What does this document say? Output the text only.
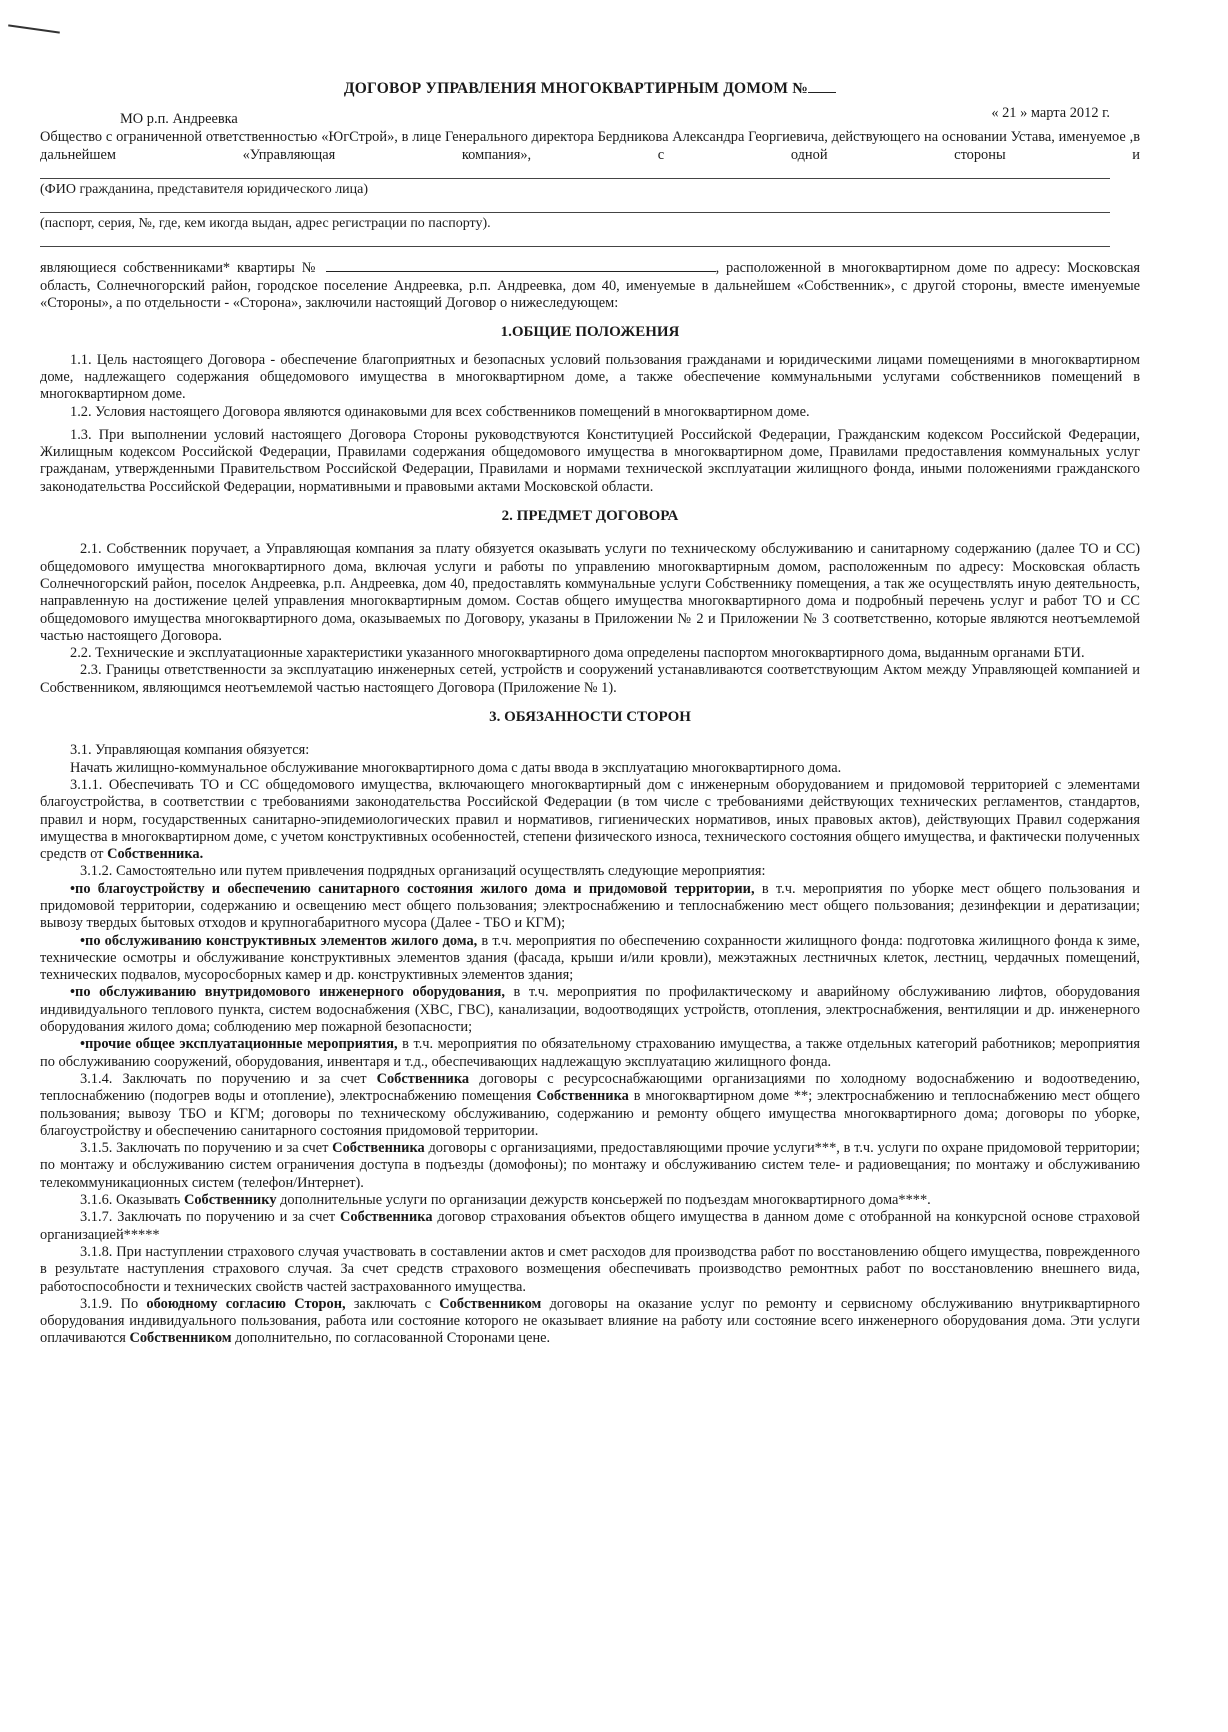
ДОГОВОР УПРАВЛЕНИЯ МНОГОКВАРТИРНЫМ ДОМОМ №
МО р.п. Андреевка	« 21 » марта 2012 г.

Общество с ограниченной ответственностью «ЮгСтрой», в лице Генерального директора Бердникова Александра Георгиевича, действующего на основании Устава, именуемое ,в дальнейшем «Управляющая компания», с одной стороны и

(ФИО гражданина, представителя юридического лица)
(паспорт, серия, №, где, кем икогда выдан, адрес регистрации по паспорту).

являющиеся собственниками* квартиры №	, расположенной в многоквартирном доме по адресу: Московская область, Солнечногорский район, городское поселение Андреевка, р.п. Андреевка, дом 40, именуемые в дальнейшем «Собственник», с другой стороны, вместе именуемые «Стороны», а по отдельности - «Сторона», заключили настоящий Договор о нижеследующем:

1.ОБЩИЕ ПОЛОЖЕНИЯ

1.1. Цель настоящего Договора - обеспечение благоприятных и безопасных условий пользования гражданами и юридическими лицами помещениями в многоквартирном доме, надлежащего содержания общедомового имущества в многоквартирном доме, а также обеспечение коммунальными услугами собственников помещений в многоквартирном доме.

1.2. Условия настоящего Договора являются одинаковыми для всех собственников помещений в многоквартирном доме.

1.3. При выполнении условий настоящего Договора Стороны руководствуются Конституцией Российской Федерации, Гражданским кодексом Российской Федерации, Жилищным кодексом Российской Федерации, Правилами содержания общедомового имущества в многоквартирном доме, Правилами предоставления коммунальных услуг гражданам, утвержденными Правительством Российской Федерации, Правилами и нормами технической эксплуатации жилищного фонда, иными положениями гражданского законодательства Российской Федерации, нормативными и правовыми актами Московской области.

2. ПРЕДМЕТ ДОГОВОРА

2.1. Собственник поручает, а Управляющая компания за плату обязуется оказывать услуги по техническому обслуживанию и санитарному содержанию (далее ТО и СС) общедомового имущества многоквартирного дома, включая услуги и работы по управлению многоквартирным домом, расположенным по адресу: Московская область Солнечногорский район, поселок Андреевка, р.п. Андреевка, дом 40, предоставлять коммунальные услуги Собственнику помещения, а так же осуществлять иную деятельность, направленную на достижение целей управления многоквартирным домом. Состав общего имущества многоквартирного дома и подробный перечень услуг и работ ТО и СС общедомового имущества многоквартирного дома, оказываемых по Договору, указаны в Приложении № 2 и Приложении № 3 соответственно, которые являются неотъемлемой частью настоящего Договора.

2.2. Технические и эксплуатационные характеристики указанного многоквартирного дома определены паспортом многоквартирного дома, выданным органами БТИ.

2.3. Границы ответственности за эксплуатацию инженерных сетей, устройств и сооружений устанавливаются соответствующим Актом между Управляющей компанией и Собственником, являющимся неотъемлемой частью настоящего Договора (Приложение № 1).

3. ОБЯЗАННОСТИ СТОРОН

3.1. Управляющая компания обязуется:

Начать жилищно-коммунальное обслуживание многоквартирного дома с даты ввода в эксплуатацию многоквартирного дома.

3.1.1. Обеспечивать ТО и СС общедомового имущества, включающего многоквартирный дом с инженерным оборудованием и придомовой территорией с элементами благоустройства, в соответствии с требованиями законодательства Российской Федерации (в том числе с требованиями действующих технических регламентов, стандартов, правил и норм, государственных санитарно-эпидемиологических правил и нормативов, гигиенических нормативов, иных правовых актов), действующих Правил содержания имущества в многоквартирном доме, с учетом конструктивных особенностей, степени физического износа, технического состояния общего имущества, и фактически полученных средств от Собственника.

3.1.2. Самостоятельно или путем привлечения подрядных организаций осуществлять следующие мероприятия:

•по благоустройству и обеспечению санитарного состояния жилого дома и придомовой территории, в т.ч. мероприятия по уборке мест общего пользования и придомовой территории, содержанию и освещению мест общего пользования; электроснабжению и теплоснабжению мест общего пользования; дезинфекции и дератизации; вывозу твердых бытовых отходов и крупногабаритного мусора (Далее - ТБО и КГМ);

•по обслуживанию конструктивных элементов жилого дома, в т.ч. мероприятия по обеспечению сохранности жилищного фонда: подготовка жилищного фонда к зиме, технические осмотры и обслуживание конструктивных элементов здания (фасада, крыши и/или кровли), межэтажных лестничных клеток, лестниц, чердачных помещений, технических подвалов, мусоросборных камер и др. конструктивных элементов здания;

•по обслуживанию внутридомового инженерного оборудования, в т.ч. мероприятия по профилактическому и аварийному обслуживанию лифтов, оборудования индивидуального теплового пункта, систем водоснабжения (ХВС, ГВС), канализации, водоотводящих устройств, отопления, электроснабжения, вентиляции и др. инженерного оборудования жилого дома; соблюдению мер пожарной безопасности;

•прочие общее эксплуатационные мероприятия, в т.ч. мероприятия по обязательному страхованию имущества, а также отдельных категорий работников; мероприятия по обслуживанию сооружений, оборудования, инвентаря и т.д., обеспечивающих надлежащую эксплуатацию жилищного фонда.

3.1.4. Заключать по поручению и за счет Собственника договоры с ресурсоснабжающими организациями по холодному водоснабжению и водоотведению, теплоснабжению (подогрев воды и отопление), электроснабжению помещения Собственника в многоквартирном доме **; электроснабжению и теплоснабжению мест общего пользования; вывозу ТБО и КГМ; договоры по техническому обслуживанию, содержанию и ремонту общего имущества многоквартирного дома; договоры по уборке, благоустройству и обеспечению санитарного состояния придомовой территории.

3.1.5. Заключать по поручению и за счет Собственника договоры с организациями, предоставляющими прочие услуги***, в т.ч. услуги по охране придомовой территории; по монтажу и обслуживанию систем ограничения доступа в подъезды (домофоны); по монтажу и обслуживанию систем теле- и радиовещания; по монтажу и обслуживанию телекоммуникационных систем (телефон/Интернет).

3.1.6. Оказывать Собственнику дополнительные услуги по организации дежурств консьержей по подъездам многоквартирного дома****.

3.1.7. Заключать по поручению и за счет Собственника договор страхования объектов общего имущества в данном доме с отобранной на конкурсной основе страховой организацией*****

3.1.8. При наступлении страхового случая участвовать в составлении актов и смет расходов для производства работ по восстановлению общего имущества, поврежденного в результате наступления страхового случая. За счет средств страхового возмещения обеспечивать производство ремонтных работ по восстановлению внешнего вида, работоспособности и технических свойств частей застрахованного имущества.

3.1.9. По обоюдному согласию Сторон, заключать с Собственником договоры на оказание услуг по ремонту и сервисному обслуживанию внутриквартирного оборудования индивидуального пользования, работа или состояние которого не оказывает влияние на работу или состояние всего инженерного оборудования дома. Эти услуги оплачиваются Собственником дополнительно, по согласованной Сторонами цене.
